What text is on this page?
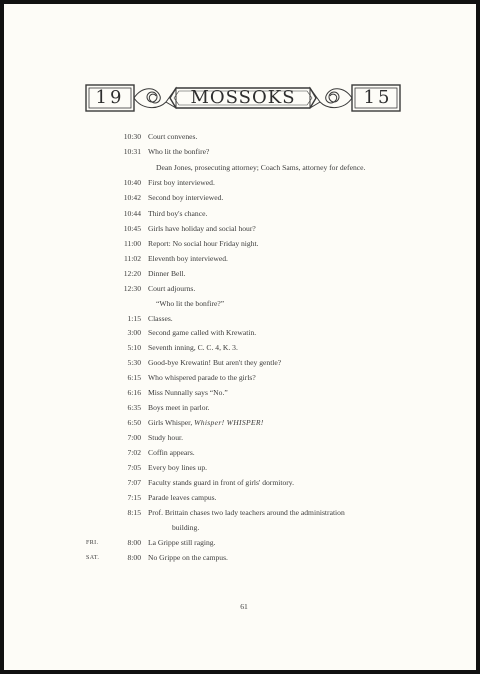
19	MOSSOKS	15
10:30 Court convenes.
10:31 Who lit the bonfire?
Dean Jones, prosecuting attorney; Coach Sams, attorney for defence.
10:40 First boy interviewed.
10:42 Second boy interviewed.
10:44 Third boy's chance.
10:45 Girls have holiday and social hour?
11:00 Report: No social hour Friday night.
11:02 Eleventh boy interviewed.
12:20 Dinner Bell.
12:30 Court adjourns.
“Who lit the bonfire?”
1:15 Classes.
3:00 Second game called with Krewatin.
5:10 Seventh inning, C. C. 4, K. 3.
5:30 Good-bye Krewatin! But aren't they gentle?
6:15 Who whispered parade to the girls?
6:16 Miss Nunnally says “No.”
6:35 Boys meet in parlor.
6:50 Girls Whisper, Whisper! WHISPER!
7:00 Study hour.
7:02 Coffin appears.
7:05 Every boy lines up.
7:07 Faculty stands guard in front of girls' dormitory.
7:15 Parade leaves campus.
8:15 Prof. Brittain chases two lady teachers around the administration
building.
FRI.	8:00 La Grippe still raging.
SAT.	8:00 No Grippe on the campus.
61
